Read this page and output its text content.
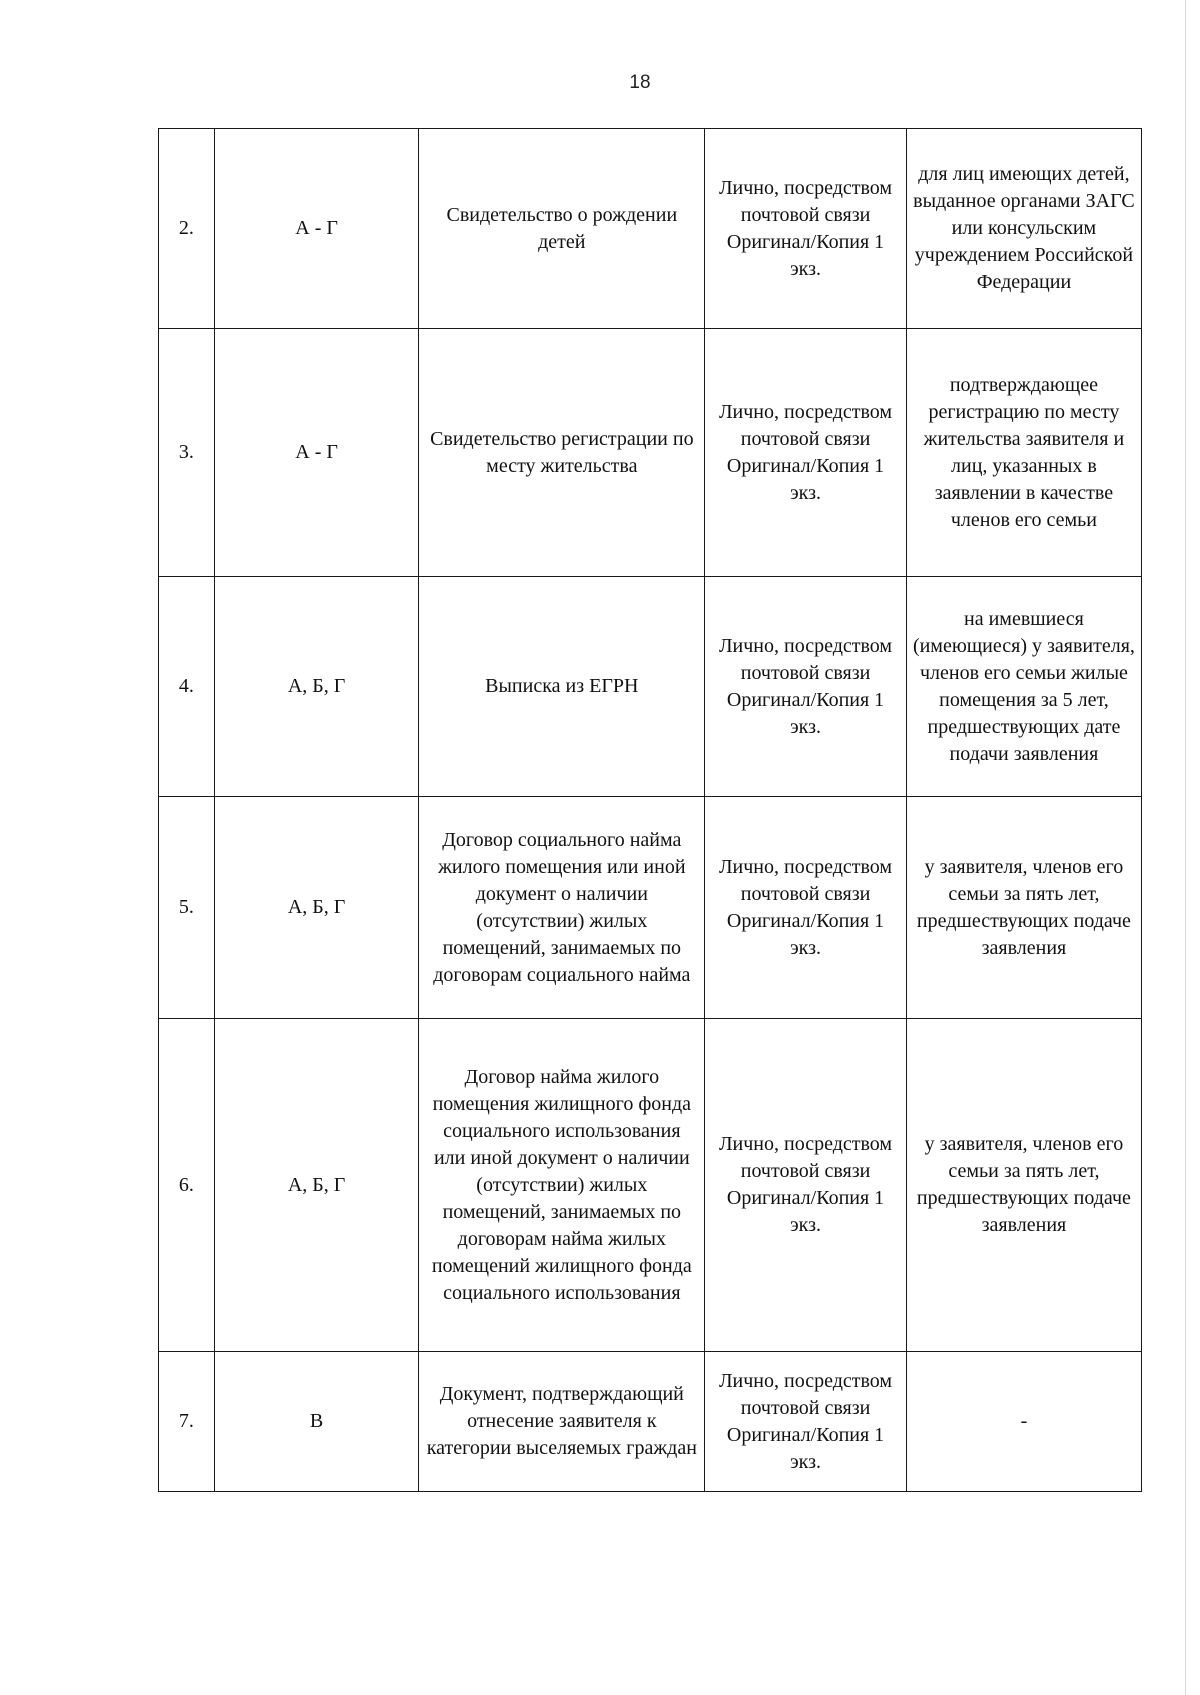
18
2.	А - Г	Свидетельство о рождении детей	Лично, посредством почтовой связи Оригинал/Копия 1 экз.	для лиц имеющих детей, выданное органами ЗАГС или консульским учреждением Российской Федерации
3.	А - Г	Свидетельство регистрации по месту жительства	Лично, посредством почтовой связи Оригинал/Копия 1 экз.	подтверждающее регистрацию по месту жительства заявителя и лиц, указанных в заявлении в качестве членов его семьи
4.	А, Б, Г	Выписка из ЕГРН	Лично, посредством почтовой связи Оригинал/Копия 1 экз.	на имевшиеся (имеющиеся) у заявителя, членов его семьи жилые помещения за 5 лет, предшествующих дате подачи заявления
5.	А, Б, Г	Договор социального найма жилого помещения или иной документ о наличии (отсутствии) жилых помещений, занимаемых по договорам социального найма	Лично, посредством почтовой связи Оригинал/Копия 1 экз.	у заявителя, членов его семьи за пять лет, предшествующих подаче заявления
6.	А, Б, Г	Договор найма жилого помещения жилищного фонда социального использования или иной документ о наличии (отсутствии) жилых помещений, занимаемых по договорам найма жилых помещений жилищного фонда социального использования	Лично, посредством почтовой связи Оригинал/Копия 1 экз.	у заявителя, членов его семьи за пять лет, предшествующих подаче заявления
7.	В	Документ, подтверждающий отнесение заявителя к категории выселяемых граждан	Лично, посредством почтовой связи Оригинал/Копия 1 экз.	-
